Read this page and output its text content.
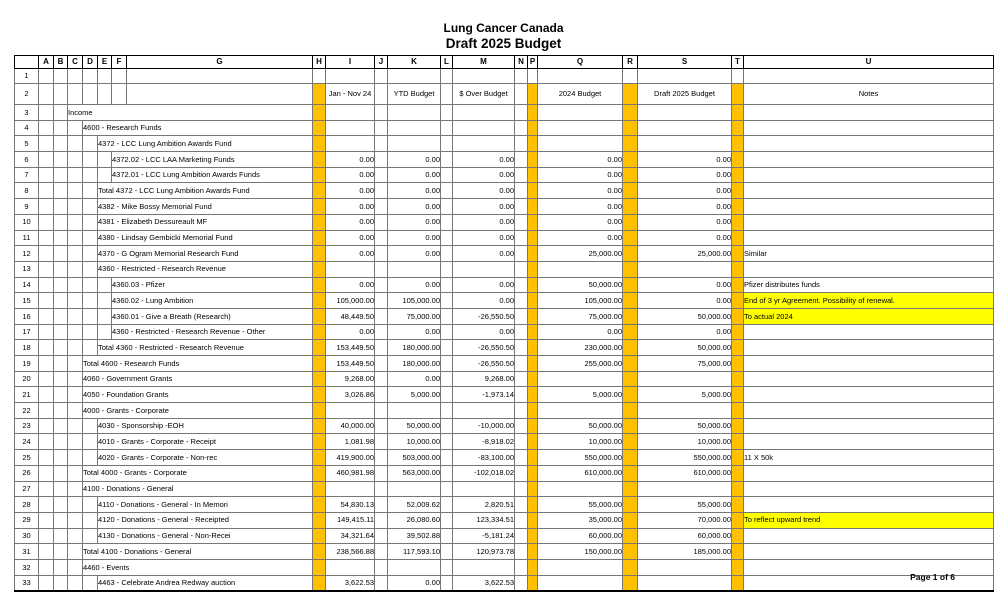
Lung Cancer Canada
Draft 2025 Budget
	A	B	C	D	E	F	G	H	I	J	K	L	M	N	P	Q	R	S	T	U
1																				
2									Jan - Nov 24		YTD Budget		$ Over Budget			2024 Budget		Draft 2025 Budget		Notes
3			Income																	
4				4600 - Research Funds																
5					4372 - LCC Lung Ambition Awards Fund															
6						4372.02 - LCC LAA Marketing Funds			0.00		0.00		0.00			0.00		0.00		
7						4372.01 - LCC Lung Ambition Awards Funds			0.00		0.00		0.00			0.00		0.00		
8					Total 4372 - LCC Lung Ambition Awards Fund				0.00		0.00		0.00			0.00		0.00		
9					4382 - Mike Bossy Memorial Fund				0.00		0.00		0.00			0.00		0.00		
10					4381 - Elizabeth Dessureault MF				0.00		0.00		0.00			0.00		0.00		
11					4380 - Lindsay Gembicki Memorial Fund				0.00		0.00		0.00			0.00		0.00		
12					4370 - G Ogram Memorial Research Fund				0.00		0.00		0.00			25,000.00		25,000.00		Similar
13					4360 - Restricted - Research Revenue															
14						4360.03 - Pfizer			0.00		0.00		0.00			50,000.00		0.00		Pfizer distributes funds
15						4360.02 - Lung Ambition			105,000.00		105,000.00		0.00			105,000.00		0.00		End of 3 yr Agreement. Possibility of renewal.
16						4360.01 - Give a Breath (Research)			48,449.50		75,000.00		-26,550.50			75,000.00		50,000.00		To actual 2024
17						4360 - Restricted - Research Revenue - Other			0.00		0.00		0.00			0.00		0.00		
18					Total 4360 - Restricted - Research Revenue				153,449.50		180,000.00		-26,550.50			230,000.00		50,000.00		
19				Total 4600 - Research Funds					153,449.50		180,000.00		-26,550.50			255,000.00		75,000.00		
20				4060 - Government Grants					9,268.00		0.00		9,268.00							
21				4050 - Foundation Grants					3,026.86		5,000.00		-1,973.14			5,000.00		5,000.00		
22				4000 - Grants - Corporate																
23					4030 - Sponsorship -EOH				40,000.00		50,000.00		-10,000.00			50,000.00		50,000.00		
24					4010 - Grants - Corporate - Receipt				1,081.98		10,000.00		-8,918.02			10,000.00		10,000.00		
25					4020 - Grants - Corporate - Non-rec				419,900.00		503,000.00		-83,100.00			550,000.00		550,000.00		11 X 50k
26				Total 4000 - Grants - Corporate					460,981.98		563,000.00		-102,018.02			610,000.00		610,000.00		
27				4100 - Donations - General																
28					4110 - Donations - General - In Memori				54,830.13		52,009.62		2,820.51			55,000.00		55,000.00		
29					4120 - Donations - General - Receipted				149,415.11		26,080.60		123,334.51			35,000.00		70,000.00		To reflect upward trend
30					4130 - Donations - General - Non-Recei				34,321.64		39,502.88		-5,181.24			60,000.00		60,000.00		
31				Total 4100 - Donations - General					238,566.88		117,593.10		120,973.78			150,000.00		185,000.00		
32				4460 - Events																
33					4463 - Celebrate Andrea Redway auction				3,622.53		0.00		3,622.53							
Page 1 of 6
